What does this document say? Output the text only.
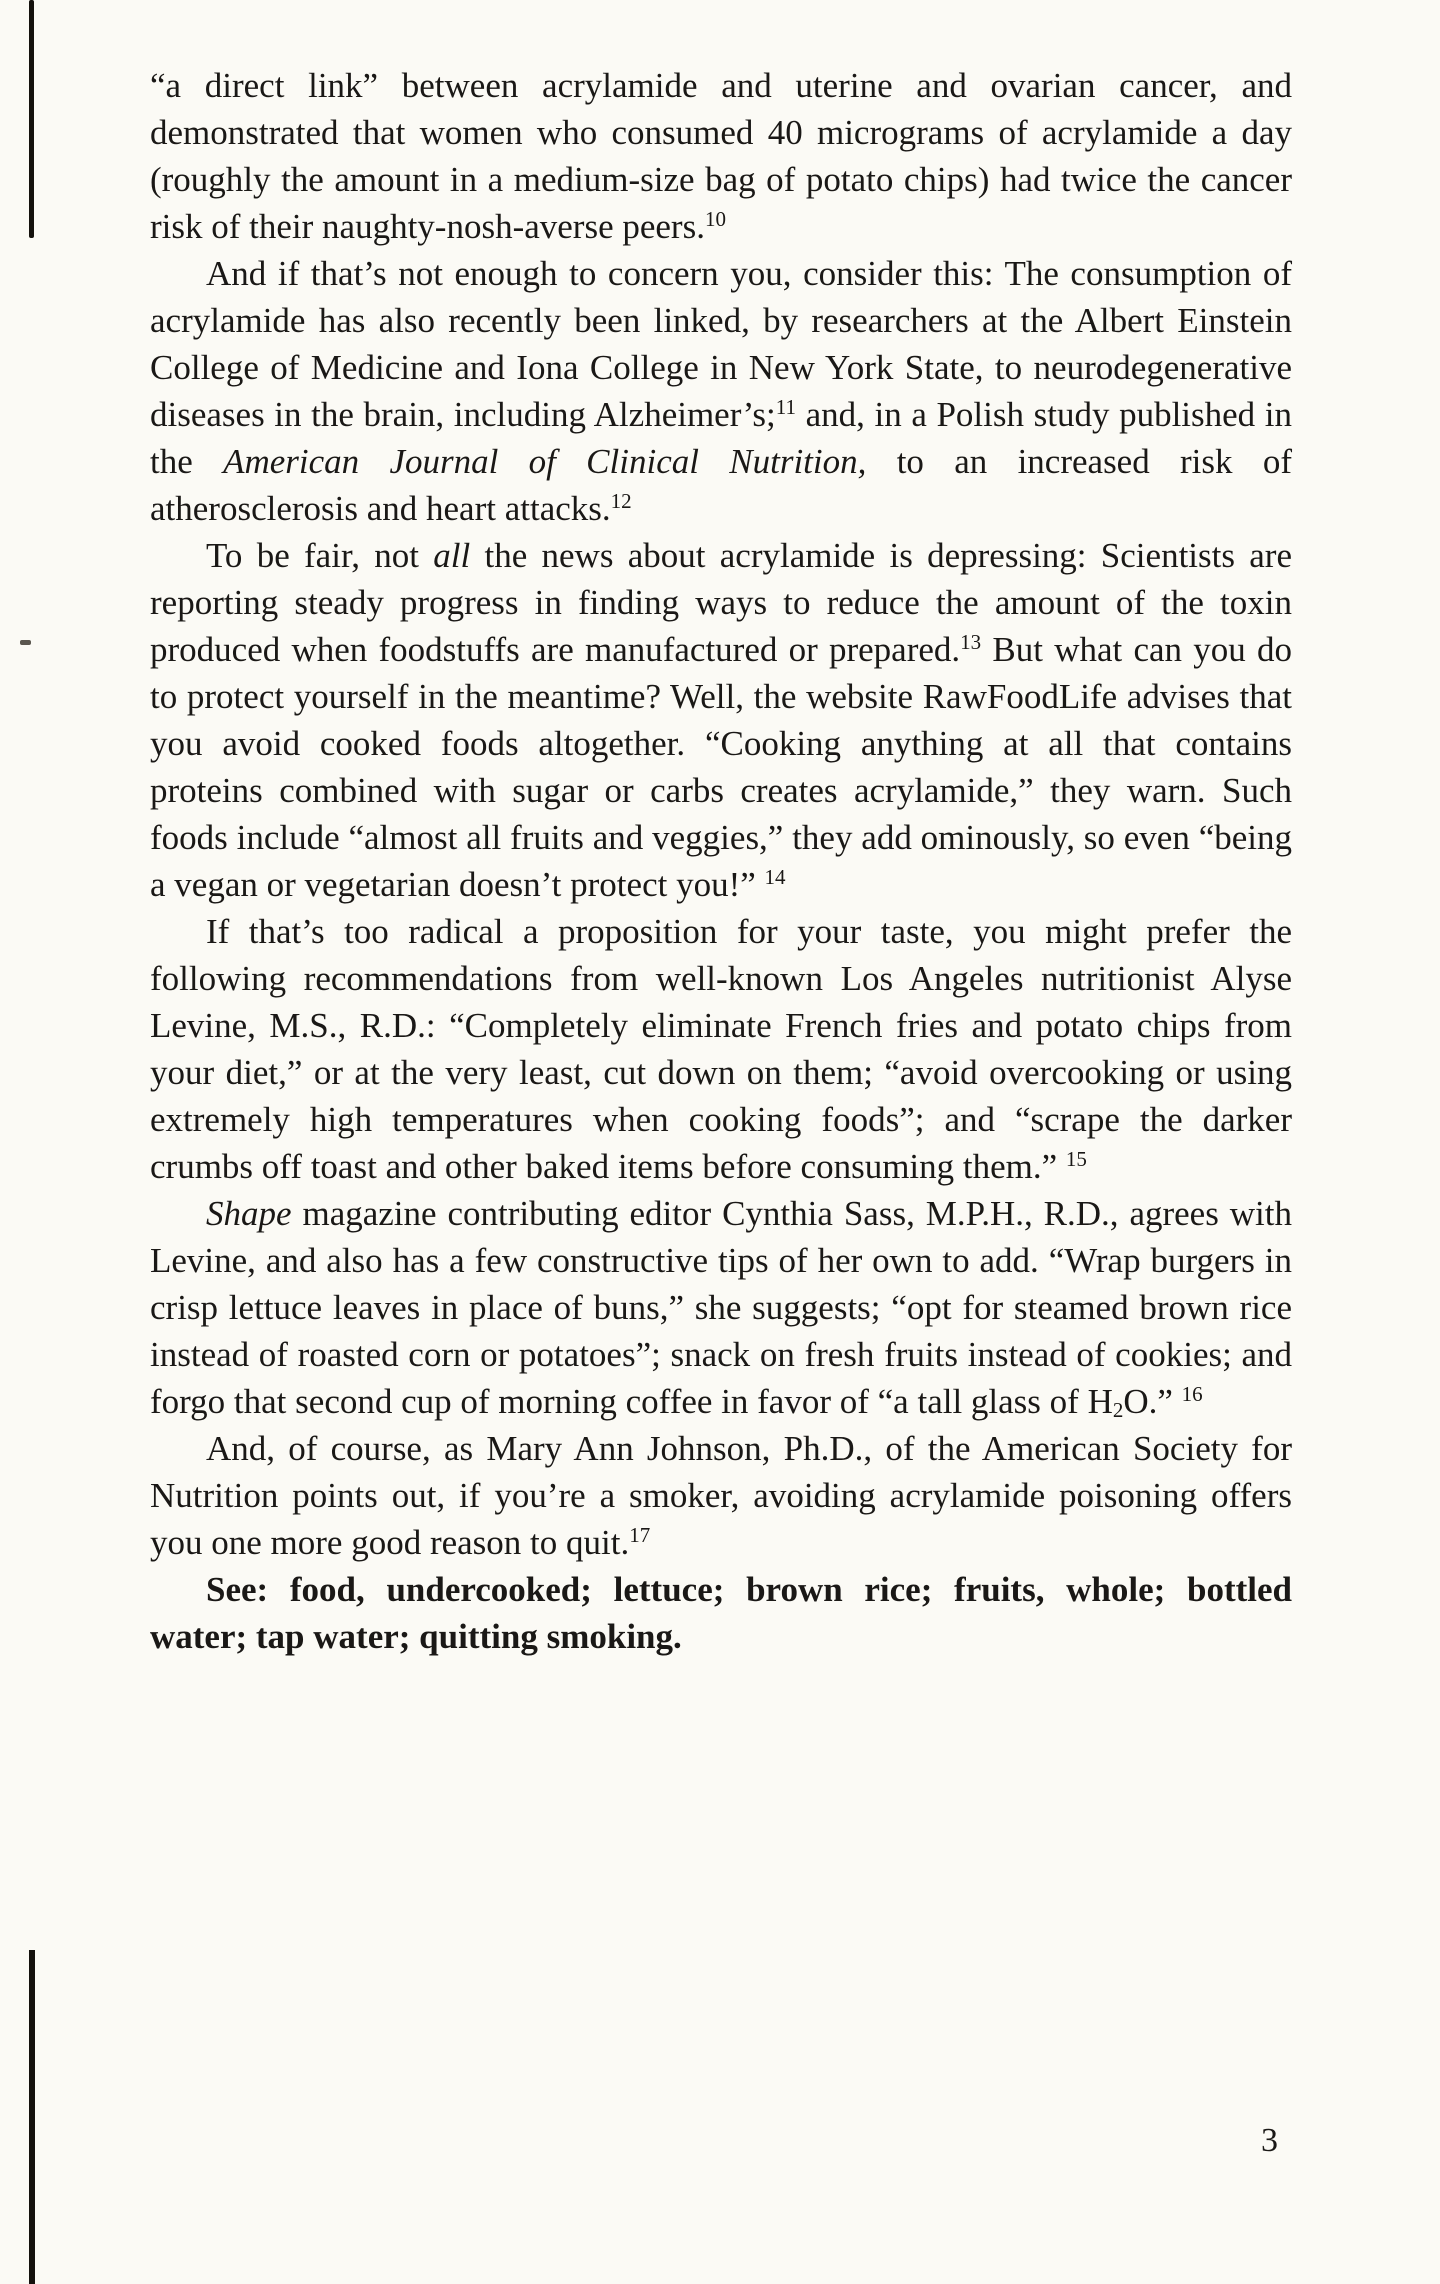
“a direct link” between acrylamide and uterine and ovarian cancer, and demonstrated that women who consumed 40 micrograms of acrylamide a day (roughly the amount in a medium-size bag of potato chips) had twice the cancer risk of their naughty-nosh-averse peers.$^{10}$

And if that’s not enough to concern you, consider this: The consumption of acrylamide has also recently been linked, by researchers at the Albert Einstein College of Medicine and Iona College in New York State, to neurodegenerative diseases in the brain, including Alzheimer’s;$^{11}$ and, in a Polish study published in the American Journal of Clinical Nutrition, to an increased risk of atherosclerosis and heart attacks.$^{12}$

To be fair, not all the news about acrylamide is depressing: Scientists are reporting steady progress in finding ways to reduce the amount of the toxin produced when foodstuffs are manufactured or prepared.$^{13}$ But what can you do to protect yourself in the meantime? Well, the website RawFoodLife advises that you avoid cooked foods altogether. “Cooking anything at all that contains proteins combined with sugar or carbs creates acrylamide,” they warn. Such foods include “almost all fruits and veggies,” they add ominously, so even “being a vegan or vegetarian doesn’t protect you!” $^{14}$

If that’s too radical a proposition for your taste, you might prefer the following recommendations from well-known Los Angeles nutritionist Alyse Levine, M.S., R.D.: “Completely eliminate French fries and potato chips from your diet,” or at the very least, cut down on them; “avoid overcooking or using extremely high temperatures when cooking foods”; and “scrape the darker crumbs off toast and other baked items before consuming them.” $^{15}$

Shape magazine contributing editor Cynthia Sass, M.P.H., R.D., agrees with Levine, and also has a few constructive tips of her own to add. “Wrap burgers in crisp lettuce leaves in place of buns,” she suggests; “opt for steamed brown rice instead of roasted corn or potatoes”; snack on fresh fruits instead of cookies; and forgo that second cup of morning coffee in favor of “a tall glass of $H_2O$.” $^{16}$

And, of course, as Mary Ann Johnson, Ph.D., of the American Society for Nutrition points out, if you’re a smoker, avoiding acrylamide poisoning offers you one more good reason to quit.$^{17}$

See: food, undercooked; lettuce; brown rice; fruits, whole; bottled water; tap water; quitting smoking.

3
